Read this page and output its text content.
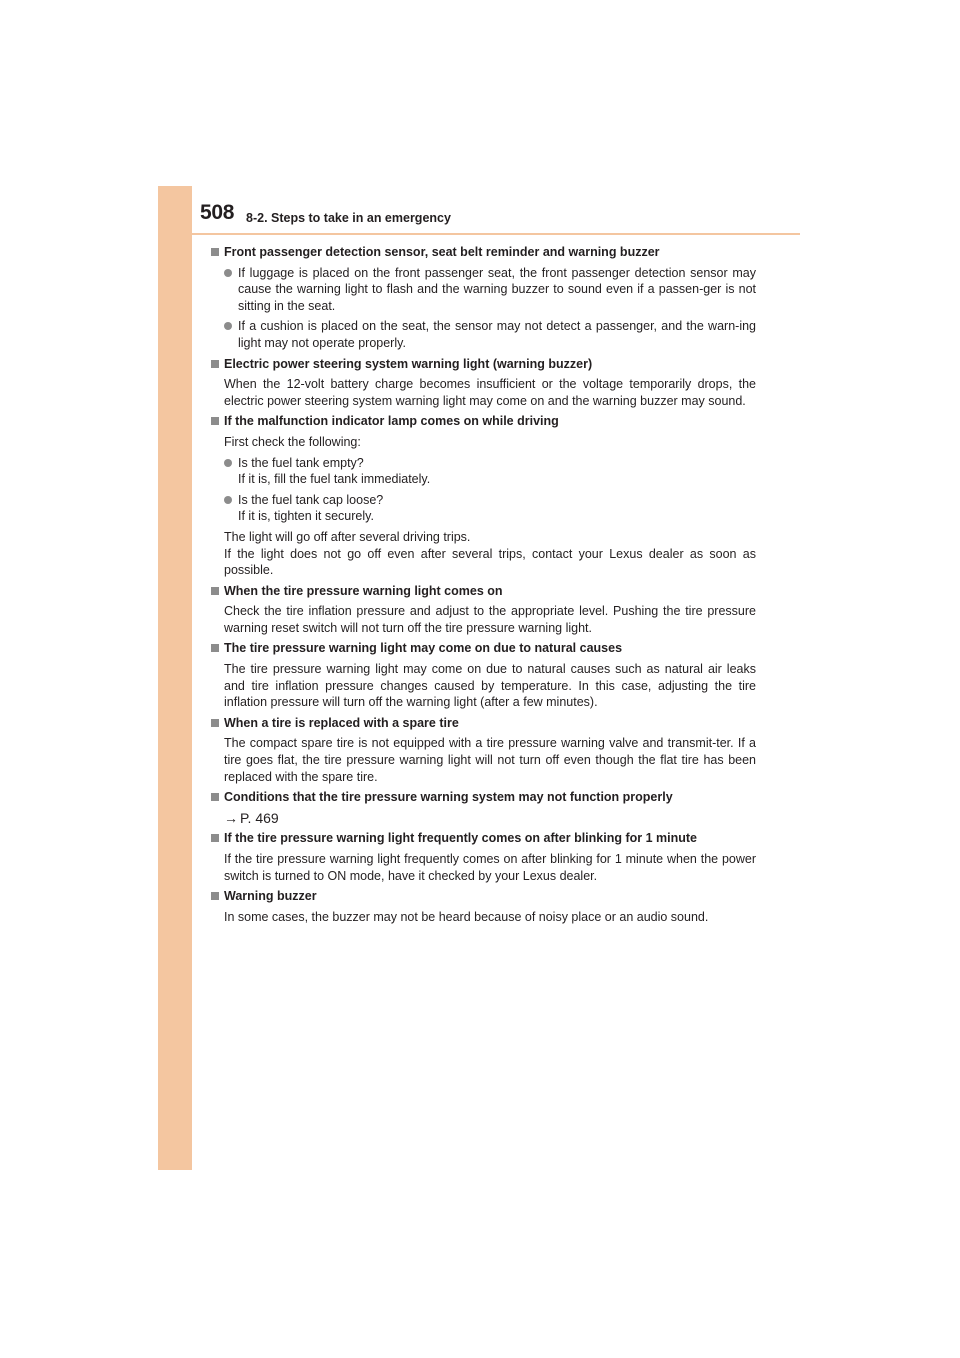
508 8-2. Steps to take in an emergency
Front passenger detection sensor, seat belt reminder and warning buzzer
If luggage is placed on the front passenger seat, the front passenger detection sensor may cause the warning light to flash and the warning buzzer to sound even if a passen-ger is not sitting in the seat.
If a cushion is placed on the seat, the sensor may not detect a passenger, and the warn-ing light may not operate properly.
Electric power steering system warning light (warning buzzer)
When the 12-volt battery charge becomes insufficient or the voltage temporarily drops, the electric power steering system warning light may come on and the warning buzzer may sound.
If the malfunction indicator lamp comes on while driving
First check the following:
Is the fuel tank empty?
If it is, fill the fuel tank immediately.
Is the fuel tank cap loose?
If it is, tighten it securely.
The light will go off after several driving trips.
If the light does not go off even after several trips, contact your Lexus dealer as soon as possible.
When the tire pressure warning light comes on
Check the tire inflation pressure and adjust to the appropriate level. Pushing the tire pressure warning reset switch will not turn off the tire pressure warning light.
The tire pressure warning light may come on due to natural causes
The tire pressure warning light may come on due to natural causes such as natural air leaks and tire inflation pressure changes caused by temperature. In this case, adjusting the tire inflation pressure will turn off the warning light (after a few minutes).
When a tire is replaced with a spare tire
The compact spare tire is not equipped with a tire pressure warning valve and transmit-ter. If a tire goes flat, the tire pressure warning light will not turn off even though the flat tire has been replaced with the spare tire.
Conditions that the tire pressure warning system may not function properly
→ P. 469
If the tire pressure warning light frequently comes on after blinking for 1 minute
If the tire pressure warning light frequently comes on after blinking for 1 minute when the power switch is turned to ON mode, have it checked by your Lexus dealer.
Warning buzzer
In some cases, the buzzer may not be heard because of noisy place or an audio sound.
